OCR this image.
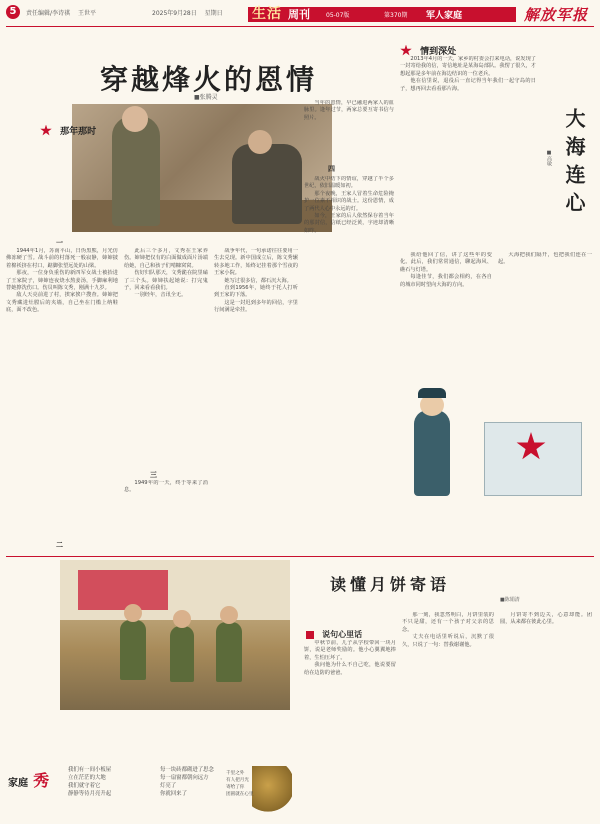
5	责任编辑/李诗祺 王世平	2025年9月28日 星期日	生活 周刊	05-07版	第370期 军人家庭	解放军报
穿越烽火的恩情
■张腾灵
那年那时
一

1944年1月，苏南平山，日伪黑熊，月光仿佛冻硬了雪。战斗前的村落死一般寂静，婶婶披着棉袄挤在村口，踮脚张望远处的山梁。

那夜，一位身负重伤的新四军女战士被抬进了王家院子，婶婶连夜烧水熬姜汤，手脚麻利地替她擦洗伤口。伤员叫陈文秀，刚满十九岁。

敌人天亮前进了村，挨家挨户搜查。婶婶把文秀藏进灶膛后的夹墙，自己坐在门槛上纳鞋底，面不改色。

二

此后三个多月，文秀在王家养伤。婶婶把仅有的白面做成面片汤端给她，自己和孩子们啃糠窝窝。

伤好归队那天，文秀跪在院里磕了三个头。婶婶扶起她说：打完鬼子，回来看看我们。

一别经年，音讯全无。

三

1949年的一天，终于等来了消息。

战争年代，一句承诺往往要用一生去兑现。新中国成立后，陈文秀辗转多地工作，始终记挂着那个雪夜的王家小院。

她写过很多信，都石沉大海。

直到1956年，她终于托人打听到王家的下落。

这是一封迟到多年的回信，字里行间满是牵挂。

四

当年的恩情，早已融进两家人的血脉里。逢年过节，两家总要互寄书信与照片。

战火中结下的情谊，穿越了半个多世纪，依旧温暖如初。

那个夜晚，王家人冒着生命危险掩护一位素不相识的战士。这份恩情，成了两代人心中永远的灯。

如今，王家的后人依然保存着当年的那封信，信纸已经泛黄，字迹却清晰如昨。

情到深处
大海连心
■高敏

2013年4月的一天，家乡的村委会打来电话，说发现了一封寄给我的信，寄信地址是某海岛部队。我愣了很久，才想起那是多年前在海边结识的一位老兵。

他在信里说，退役后一直记得当年我们一起守岛的日子，想再回去看看那片海。

我给他回了信，讲了这些年的变化。此后，我们常常通信，聊起海风、礁石与灯塔。

每逢佳节，我们都会相约，在各自的城市同时望向大海的方向。

大海把我们隔开，也把我们连在一起。

读懂月饼寄语
■陈娟清
说句心里话

中秋节前，儿子从学校带回一块月饼，说是老师奖励的。他小心翼翼地捧着，生怕压坏了。

我问他为什么不自己吃，他说要留给在边防的爸爸。

那一刻，我忽然明白，月饼里装的不只是甜，还有一个孩子对父亲的思念。

丈夫在电话里听说后，沉默了很久，只说了一句：替我谢谢他。

月饼寄不到边关，心意却能。团圆，从来都在彼此心里。

家庭 秀
我们有一间小板屋
立在茫茫的大地
我们就守着它
静静等待月亮升起
每一块砖都砌进了思念
每一扇窗都朝向远方
灯亮了
你就回来了
千里之外
有人把月光
寄给了你
团圆就在心里
